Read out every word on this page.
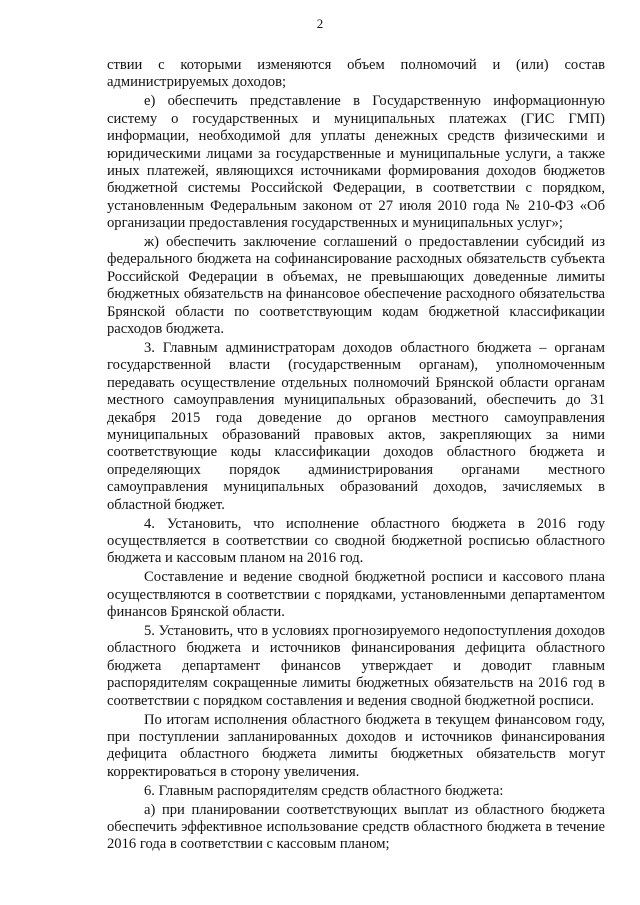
2

ствии с которыми изменяются объем полномочий и (или) состав администрируемых доходов;

е) обеспечить представление в Государственную информационную систему о государственных и муниципальных платежах (ГИС ГМП) информации, необходимой для уплаты денежных средств физическими и юридическими лицами за государственные и муниципальные услуги, а также иных платежей, являющихся источниками формирования доходов бюджетов бюджетной системы Российской Федерации, в соответствии с порядком, установленным Федеральным законом от 27 июля 2010 года № 210-ФЗ «Об организации предоставления государственных и муниципальных услуг»;

ж) обеспечить заключение соглашений о предоставлении субсидий из федерального бюджета на софинансирование расходных обязательств субъекта Российской Федерации в объемах, не превышающих доведенные лимиты бюджетных обязательств на финансовое обеспечение расходного обязательства Брянской области по соответствующим кодам бюджетной классификации расходов бюджета.

3. Главным администраторам доходов областного бюджета – органам государственной власти (государственным органам), уполномоченным передавать осуществление отдельных полномочий Брянской области органам местного самоуправления муниципальных образований, обеспечить до 31 декабря 2015 года доведение до органов местного самоуправления муниципальных образований правовых актов, закрепляющих за ними соответствующие коды классификации доходов областного бюджета и определяющих порядок администрирования органами местного самоуправления муниципальных образований доходов, зачисляемых в областной бюджет.

4. Установить, что исполнение областного бюджета в 2016 году осуществляется в соответствии со сводной бюджетной росписью областного бюджета и кассовым планом на 2016 год.

Составление и ведение сводной бюджетной росписи и кассового плана осуществляются в соответствии с порядками, установленными департаментом финансов Брянской области.

5. Установить, что в условиях прогнозируемого недопоступления доходов областного бюджета и источников финансирования дефицита областного бюджета департамент финансов утверждает и доводит главным распорядителям сокращенные лимиты бюджетных обязательств на 2016 год в соответствии с порядком составления и ведения сводной бюджетной росписи.

По итогам исполнения областного бюджета в текущем финансовом году, при поступлении запланированных доходов и источников финансирования дефицита областного бюджета лимиты бюджетных обязательств могут корректироваться в сторону увеличения.

6. Главным распорядителям средств областного бюджета:

а) при планировании соответствующих выплат из областного бюджета обеспечить эффективное использование средств областного бюджета в течение 2016 года в соответствии с кассовым планом;
